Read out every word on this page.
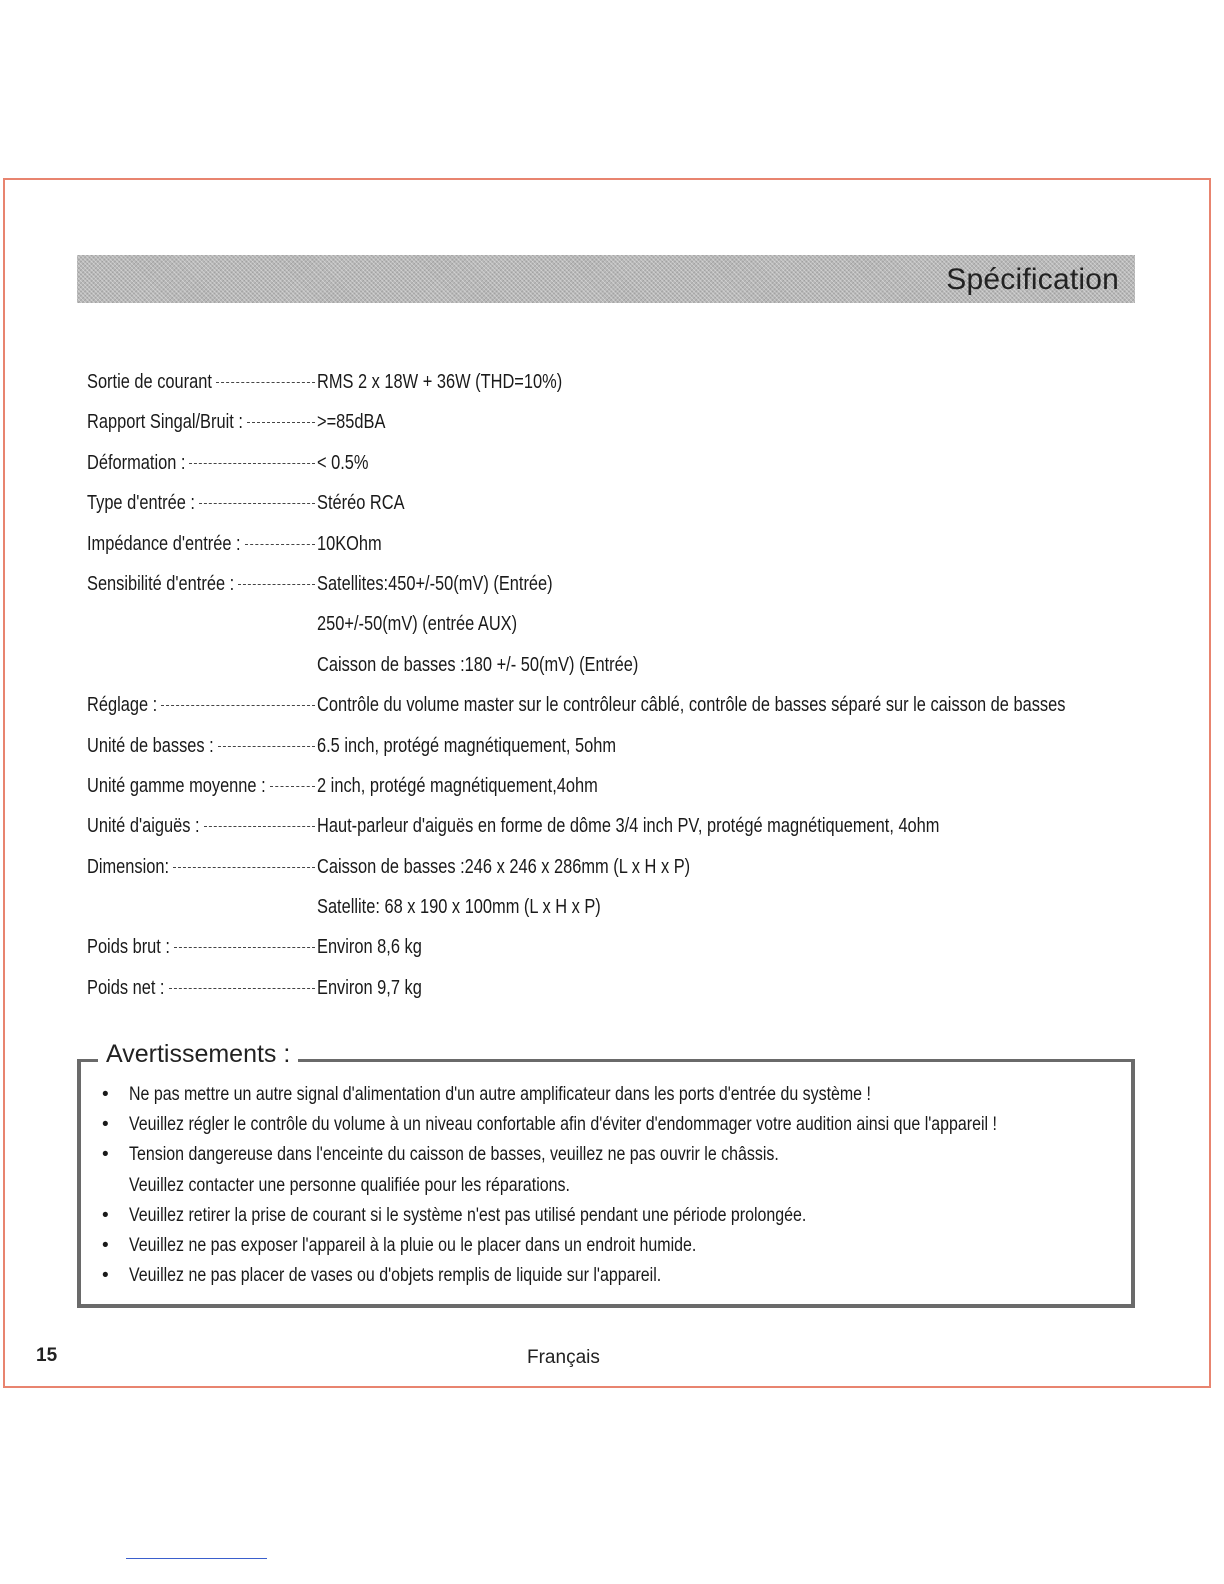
Spécification
Sortie de courant	RMS 2 x 18W + 36W (THD=10%)
Rapport Singal/Bruit :	>=85dBA
Déformation :	< 0.5%
Type d'entrée :	Stéréo RCA
Impédance d'entrée :	10KOhm
Sensibilité d'entrée :	Satellites:450+/-50(mV) (Entrée)
250+/-50(mV) (entrée AUX)
Caisson de basses :180 +/- 50(mV) (Entrée)
Réglage :	Contrôle du volume master sur le contrôleur câblé, contrôle de basses séparé sur le caisson de basses
Unité de basses :	6.5 inch, protégé magnétiquement, 5ohm
Unité gamme moyenne :	2 inch, protégé magnétiquement,4ohm
Unité d'aiguës :	Haut-parleur d'aiguës en forme de dôme 3/4 inch PV, protégé magnétiquement, 4ohm
Dimension:	Caisson de basses :246 x 246 x 286mm (L x H x P)
Satellite: 68 x 190 x 100mm (L x H x P)
Poids brut :	Environ 8,6 kg
Poids net :	Environ 9,7 kg
Avertissements :
• Ne pas mettre un autre signal d'alimentation d'un autre amplificateur dans les ports d'entrée du système !
• Veuillez régler le contrôle du volume à un niveau confortable afin d'éviter d'endommager votre audition ainsi que l'appareil !
• Tension dangereuse dans l'enceinte du caisson de basses, veuillez ne pas ouvrir le châssis.
Veuillez contacter une personne qualifiée pour les réparations.
• Veuillez retirer la prise de courant si le système n'est pas utilisé pendant une période prolongée.
• Veuillez ne pas exposer l'appareil à la pluie ou le placer dans un endroit humide.
• Veuillez ne pas placer de vases ou d'objets remplis de liquide sur l'appareil.
15	Français
